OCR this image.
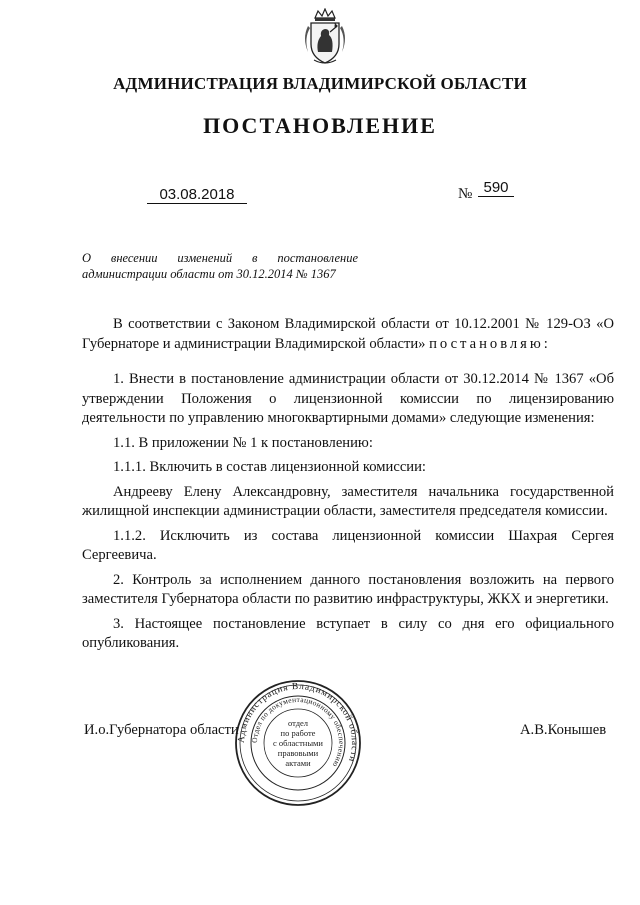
АДМИНИСТРАЦИЯ ВЛАДИМИРСКОЙ ОБЛАСТИ
ПОСТАНОВЛЕНИЕ
03.08.2018	№ 590
О внесении изменений в постановление
администрации области от 30.12.2014 № 1367

В соответствии с Законом Владимирской области от 10.12.2001 № 129-ОЗ «О Губернаторе и администрации Владимирской области» постановляю:

1. Внести в постановление администрации области от 30.12.2014 № 1367 «Об утверждении Положения о лицензионной комиссии по лицензированию деятельности по управлению многоквартирными домами» следующие изменения:

1.1. В приложении № 1 к постановлению:

1.1.1. Включить в состав лицензионной комиссии:

Андрееву Елену Александровну, заместителя начальника государственной жилищной инспекции администрации области, заместителя председателя комиссии.

1.1.2. Исключить из состава лицензионной комиссии Шахрая Сергея Сергеевича.

2. Контроль за исполнением данного постановления возложить на первого заместителя Губернатора области по развитию инфраструктуры, ЖКХ и энергетики.

3. Настоящее постановление вступает в силу со дня его официального опубликования.

Администрация Владимирской области
Отдел по документационному обеспечению
отдел
по работе
с областными
правовыми
актами
И.о.Губернатора области	А.В.Конышев
